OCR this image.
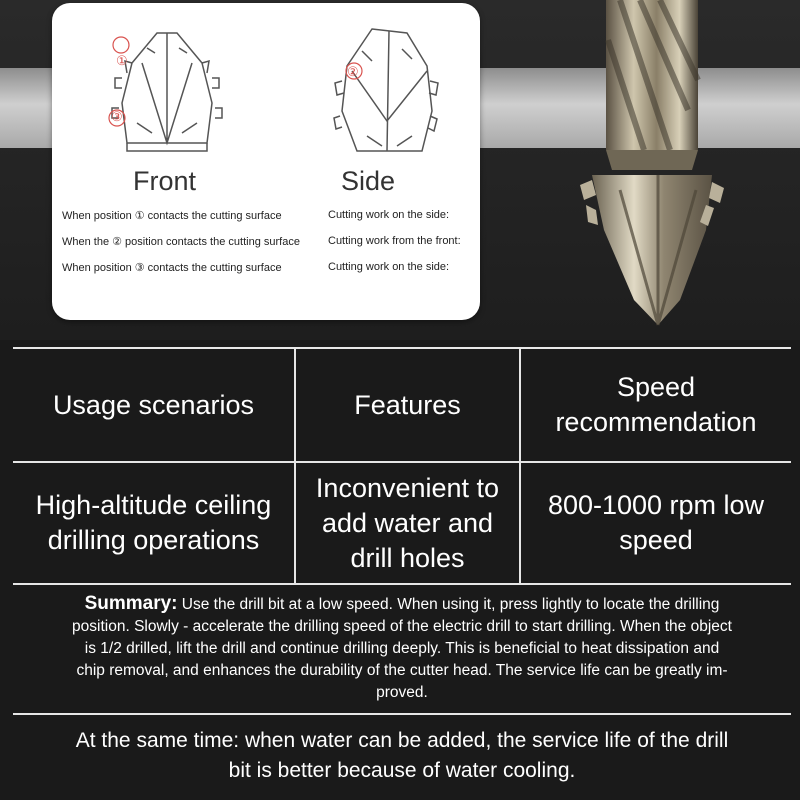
①
③
②
Front	Side
When position ① contacts the cutting surface
When the ② position contacts the cutting surface
When position ③ contacts the cutting surface
Cutting work on the side:
Cutting work from the front:
Cutting work on the side:
Usage scenarios	Features
Speed
recommendation
High-altitude ceiling
drilling operations
Inconvenient to
add water and
drill holes
800-1000 rpm low
speed
Summary: Use the drill bit at a low speed. When using it, press lightly to locate the drilling
position. Slowly - accelerate the drilling speed of the electric drill to start drilling. When the object
is 1/2 drilled, lift the drill and continue drilling deeply. This is beneficial to heat dissipation and
chip removal, and enhances the durability of the cutter head. The service life can be greatly im-
proved.
At the same time: when water can be added, the service life of the drill
bit is better because of water cooling.
